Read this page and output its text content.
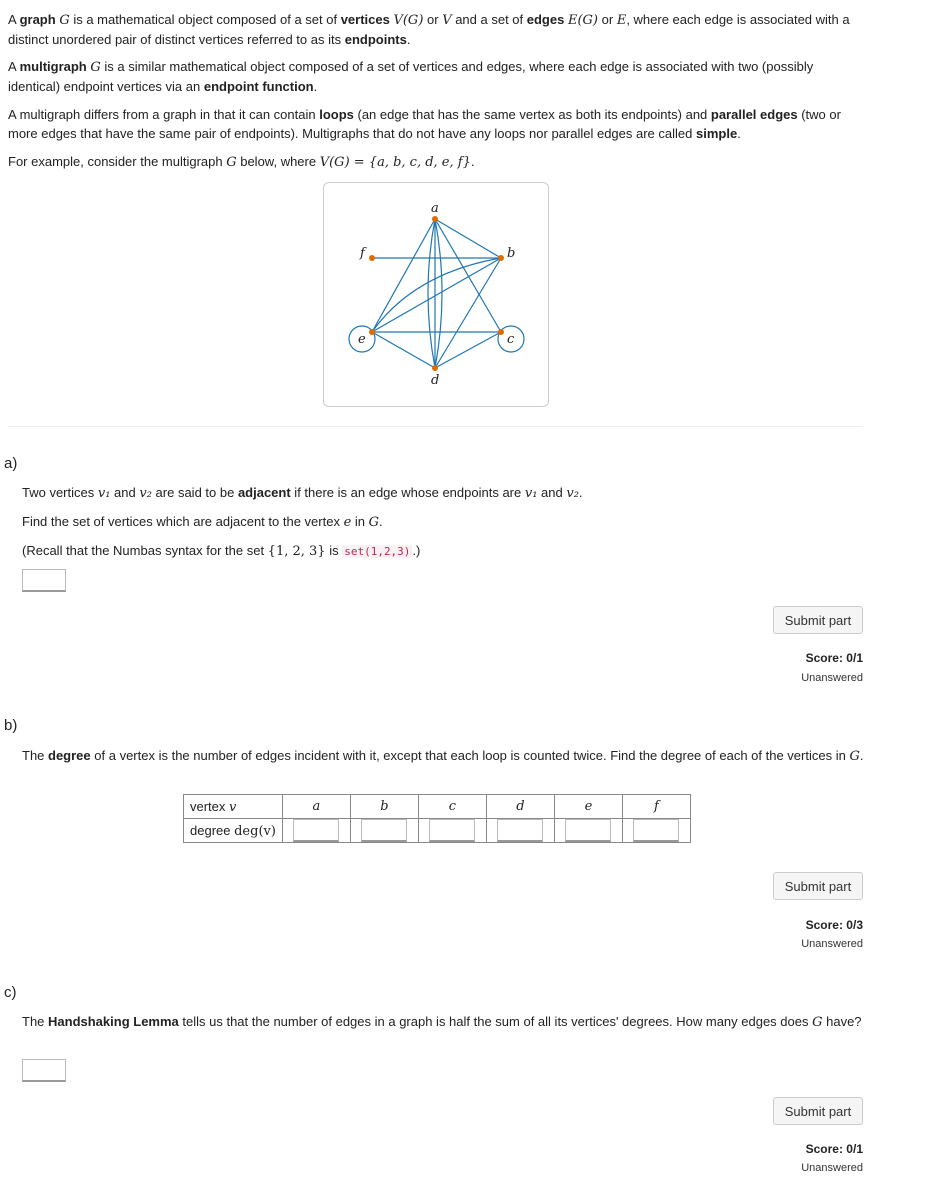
A graph G is a mathematical object composed of a set of vertices V(G) or V and a set of edges E(G) or E, where each edge is associated with a distinct unordered pair of distinct vertices referred to as its endpoints.

A multigraph G is a similar mathematical object composed of a set of vertices and edges, where each edge is associated with two (possibly identical) endpoint vertices via an endpoint function.

A multigraph differs from a graph in that it can contain loops (an edge that has the same vertex as both its endpoints) and parallel edges (two or more edges that have the same pair of endpoints). Multigraphs that do not have any loops nor parallel edges are called simple.

For example, consider the multigraph G below, where V(G) = {a, b, c, d, e, f}.

a
b
c
d
e
f
a)
Two vertices v₁ and v₂ are said to be adjacent if there is an edge whose endpoints are v₁ and v₂.
Find the set of vertices which are adjacent to the vertex e in G.
(Recall that the Numbas syntax for the set {1, 2, 3} is set(1,2,3) .)
Submit part
Score: 0/1
Unanswered
b)
The degree of a vertex is the number of edges incident with it, except that each loop is counted twice. Find the degree of each of the vertices in G.
vertex v	a	b	c	d	e	f
degree deg(v)						
Submit part
Score: 0/3
Unanswered
c)
The Handshaking Lemma tells us that the number of edges in a graph is half the sum of all its vertices' degrees. How many edges does G have?
Submit part
Score: 0/1
Unanswered
